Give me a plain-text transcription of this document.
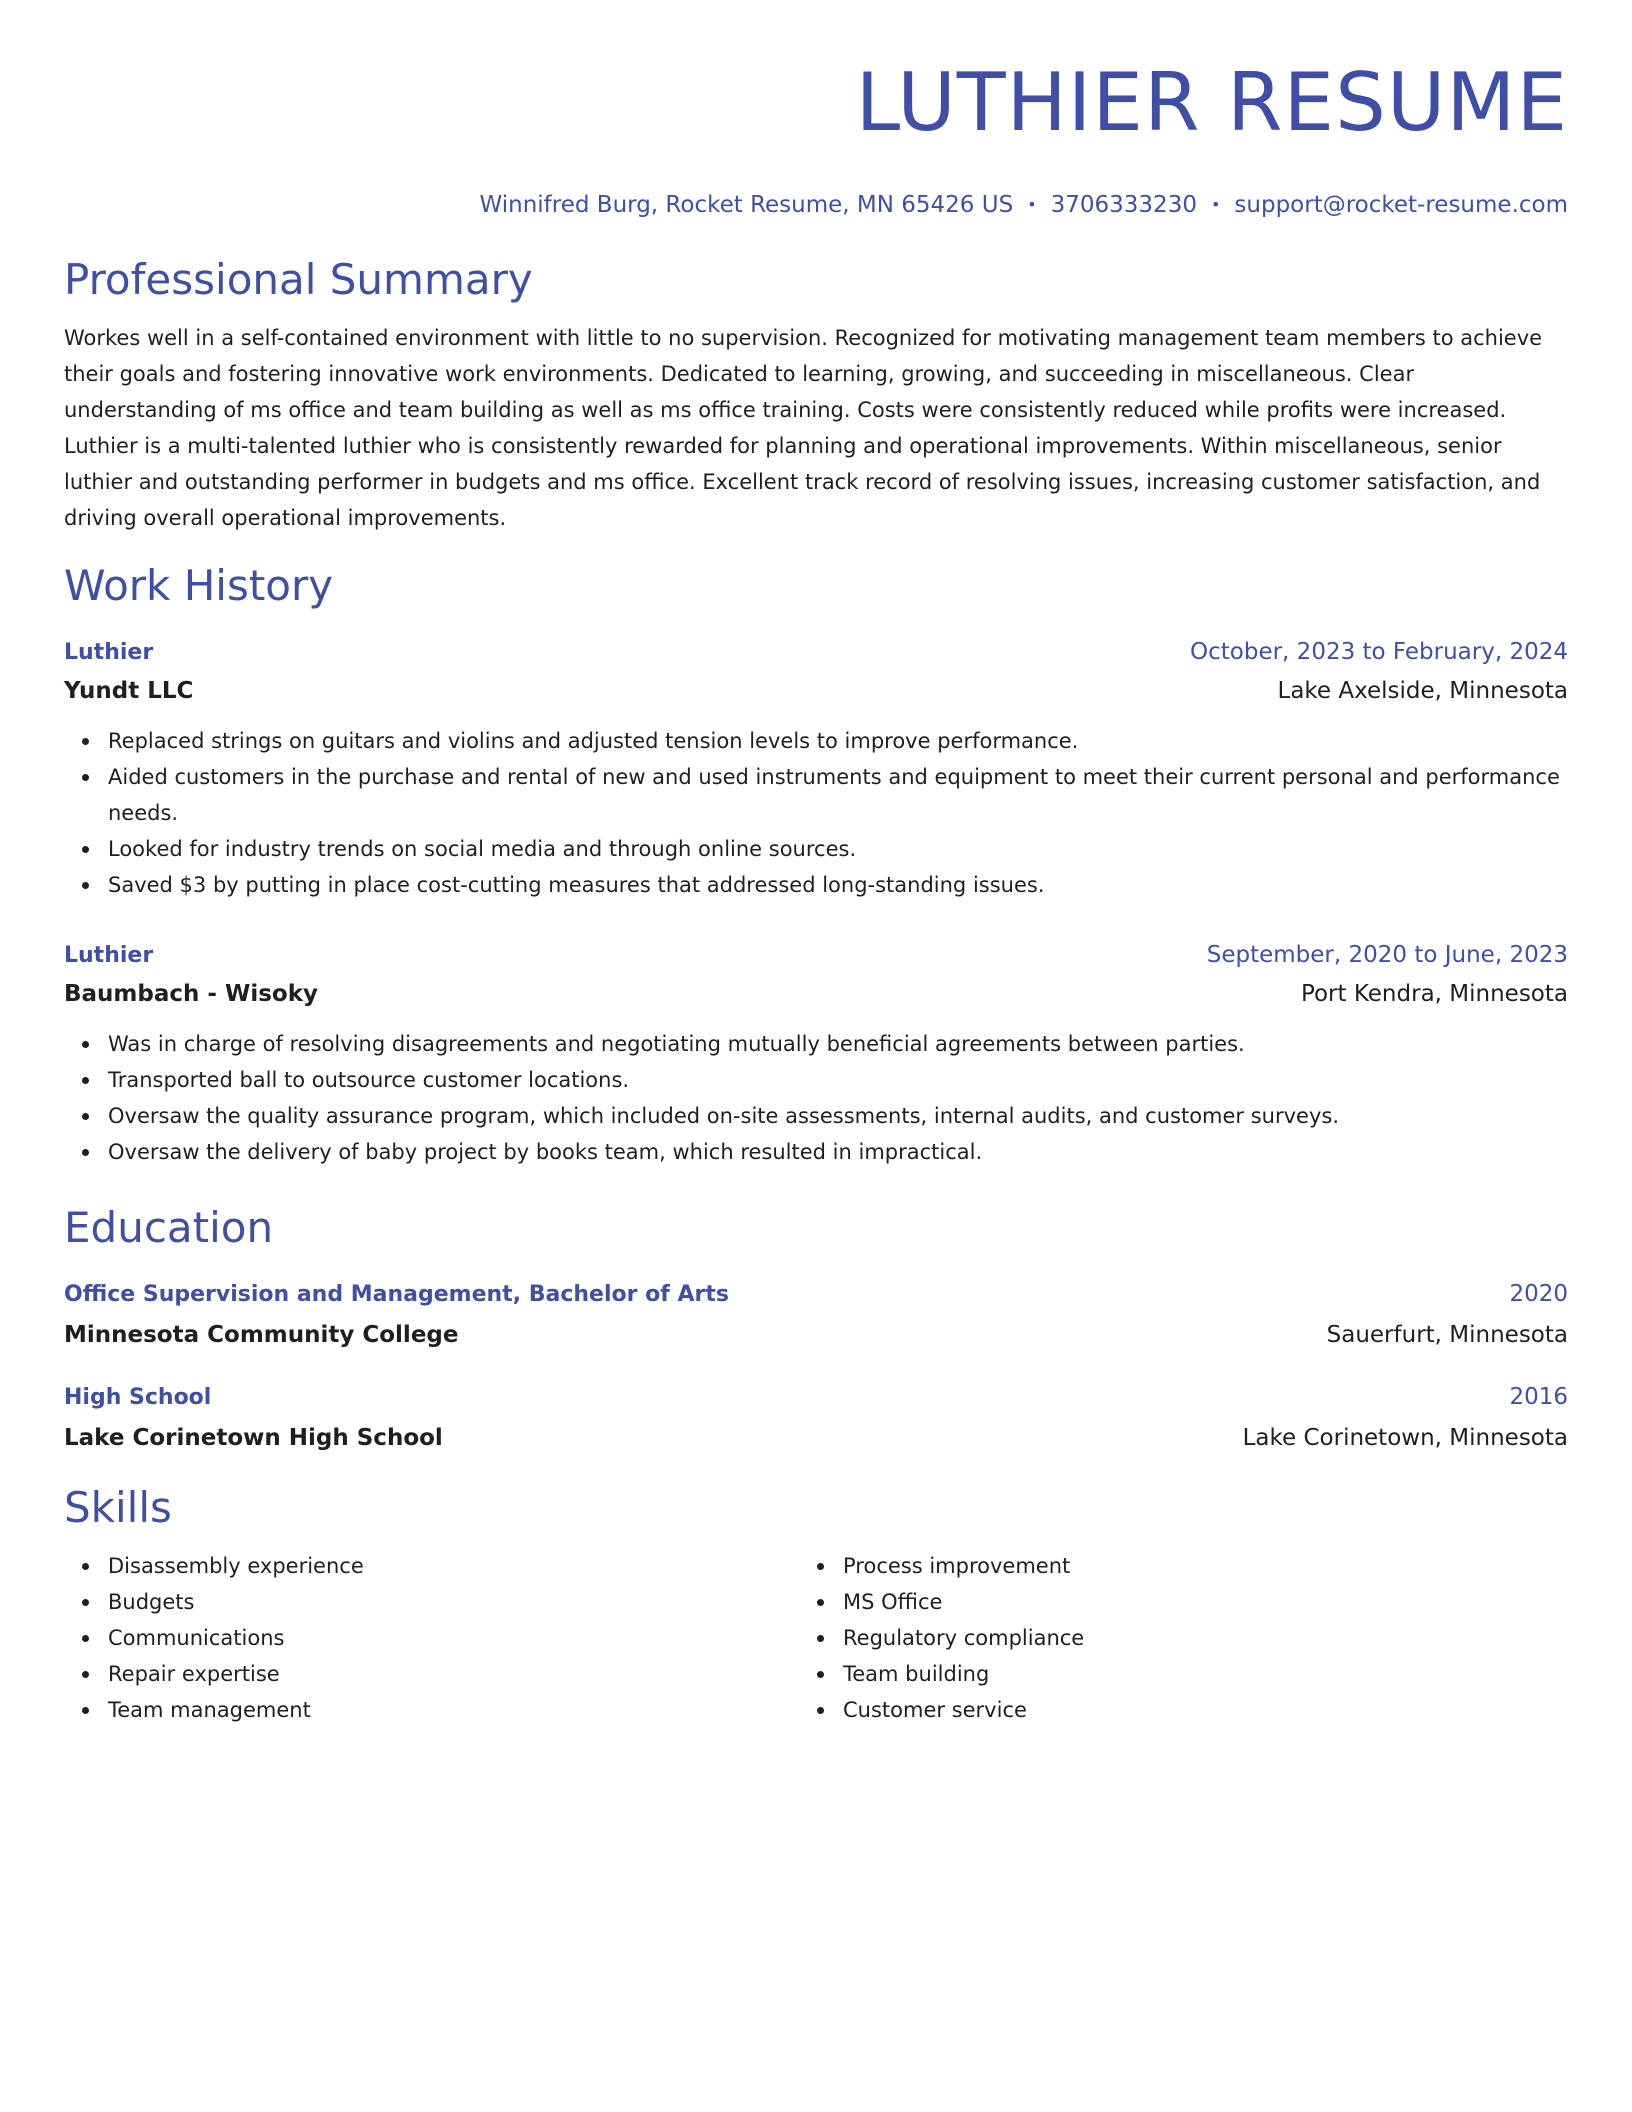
LUTHIER RESUME
Winnifred Burg, Rocket Resume, MN 65426 US • 3706333230 • support@rocket-resume.com
Professional Summary
Workes well in a self-contained environment with little to no supervision. Recognized for motivating management team members to achieve their goals and fostering innovative work environments. Dedicated to learning, growing, and succeeding in miscellaneous. Clear understanding of ms office and team building as well as ms office training. Costs were consistently reduced while profits were increased. Luthier is a multi-talented luthier who is consistently rewarded for planning and operational improvements. Within miscellaneous, senior luthier and outstanding performer in budgets and ms office. Excellent track record of resolving issues, increasing customer satisfaction, and driving overall operational improvements.
Work History
Luthier	October, 2023 to February, 2024
Yundt LLC	Lake Axelside, Minnesota
Replaced strings on guitars and violins and adjusted tension levels to improve performance.
Aided customers in the purchase and rental of new and used instruments and equipment to meet their current personal and performance needs.
Looked for industry trends on social media and through online sources.
Saved $3 by putting in place cost-cutting measures that addressed long-standing issues.
Luthier	September, 2020 to June, 2023
Baumbach - Wisoky	Port Kendra, Minnesota
Was in charge of resolving disagreements and negotiating mutually beneficial agreements between parties.
Transported ball to outsource customer locations.
Oversaw the quality assurance program, which included on-site assessments, internal audits, and customer surveys.
Oversaw the delivery of baby project by books team, which resulted in impractical.
Education
Office Supervision and Management, Bachelor of Arts	2020
Minnesota Community College	Sauerfurt, Minnesota
High School	2016
Lake Corinetown High School	Lake Corinetown, Minnesota
Skills
Disassembly experience
Budgets
Communications
Repair expertise
Team management
Process improvement
MS Office
Regulatory compliance
Team building
Customer service
